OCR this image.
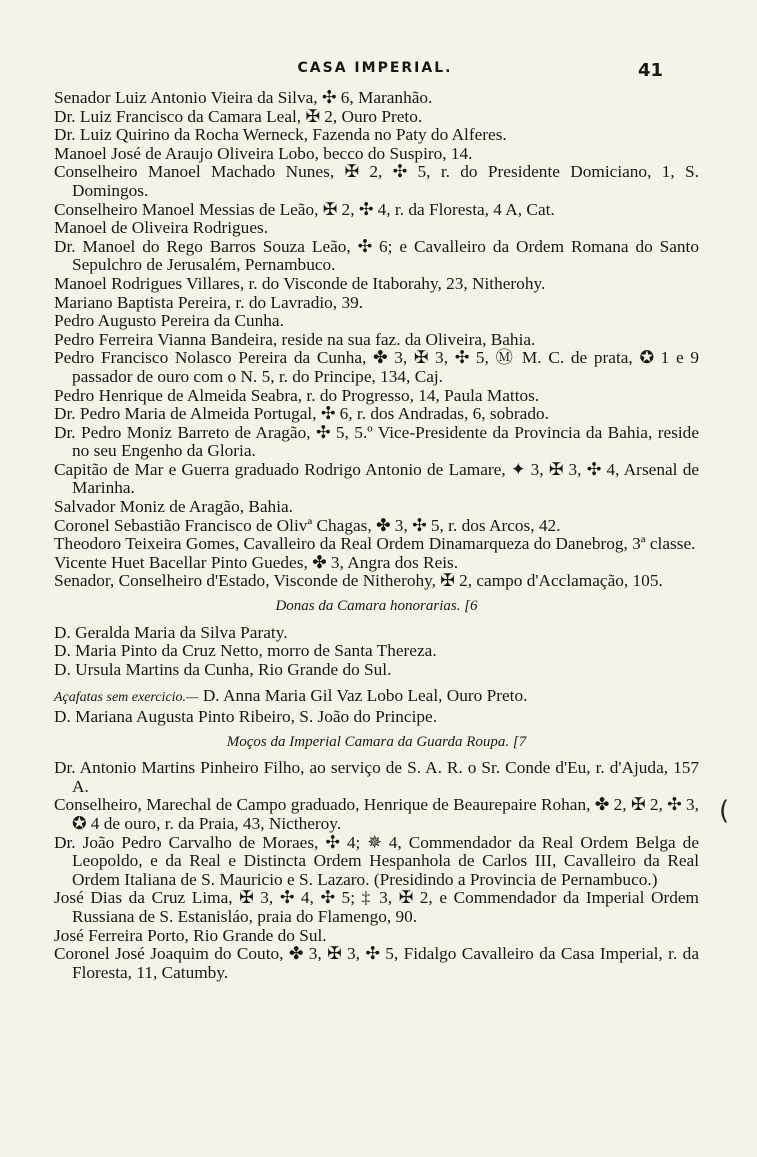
CASA IMPERIAL.	41
(

Senador Luiz Antonio Vieira da Silva, ✣ 6, Maranhão.

Dr. Luiz Francisco da Camara Leal, ✠ 2, Ouro Preto.

Dr. Luiz Quirino da Rocha Werneck, Fazenda no Paty do Alferes.

Manoel José de Araujo Oliveira Lobo, becco do Suspiro, 14.

Conselheiro Manoel Machado Nunes, ✠ 2, ✣ 5, r. do Presidente Domiciano, 1, S. Domingos.

Conselheiro Manoel Messias de Leão, ✠ 2, ✣ 4, r. da Floresta, 4 A, Cat.

Manoel de Oliveira Rodrigues.

Dr. Manoel do Rego Barros Souza Leão, ✣ 6; e Cavalleiro da Ordem Romana do Santo Sepulchro de Jerusalém, Pernambuco.

Manoel Rodrigues Villares, r. do Visconde de Itaborahy, 23, Nitherohy.

Mariano Baptista Pereira, r. do Lavradio, 39.

Pedro Augusto Pereira da Cunha.

Pedro Ferreira Vianna Bandeira, reside na sua faz. da Oliveira, Bahia.

Pedro Francisco Nolasco Pereira da Cunha, ✤ 3, ✠ 3, ✣ 5, Ⓜ M. C. de prata, ✪ 1 e 9 passador de ouro com o N. 5, r. do Principe, 134, Caj.

Pedro Henrique de Almeida Seabra, r. do Progresso, 14, Paula Mattos.

Dr. Pedro Maria de Almeida Portugal, ✣ 6, r. dos Andradas, 6, sobrado.

Dr. Pedro Moniz Barreto de Aragão, ✣ 5, 5.º Vice-Presidente da Provincia da Bahia, reside no seu Engenho da Gloria.

Capitão de Mar e Guerra graduado Rodrigo Antonio de Lamare, ✦ 3, ✠ 3, ✣ 4, Arsenal de Marinha.

Salvador Moniz de Aragão, Bahia.

Coronel Sebastião Francisco de Olivª Chagas, ✤ 3, ✣ 5, r. dos Arcos, 42.

Theodoro Teixeira Gomes, Cavalleiro da Real Ordem Dinamarqueza do Danebrog, 3ª classe.

Vicente Huet Bacellar Pinto Guedes, ✤ 3, Angra dos Reis.

Senador, Conselheiro d'Estado, Visconde de Nitherohy, ✠ 2, campo d'Acclamação, 105.

Donas da Camara honorarias. [6

D. Geralda Maria da Silva Paraty.

D. Maria Pinto da Cruz Netto, morro de Santa Thereza.

D. Ursula Martins da Cunha, Rio Grande do Sul.

Açafatas sem exercicio.— D. Anna Maria Gil Vaz Lobo Leal, Ouro Preto.

D. Mariana Augusta Pinto Ribeiro, S. João do Principe.

Moços da Imperial Camara da Guarda Roupa. [7

Dr. Antonio Martins Pinheiro Filho, ao serviço de S. A. R. o Sr. Conde d'Eu, r. d'Ajuda, 157 A.

Conselheiro, Marechal de Campo graduado, Henrique de Beaurepaire Rohan, ✤ 2, ✠ 2, ✣ 3, ✪ 4 de ouro, r. da Praia, 43, Nictheroy.

Dr. João Pedro Carvalho de Moraes, ✣ 4; ✵ 4, Commendador da Real Ordem Belga de Leopoldo, e da Real e Distincta Ordem Hespanhola de Carlos III, Cavalleiro da Real Ordem Italiana de S. Mauricio e S. Lazaro. (Presidindo a Provincia de Pernambuco.)

José Dias da Cruz Lima, ✠ 3, ✣ 4, ✣ 5; ‡ 3, ✠ 2, e Commendador da Imperial Ordem Russiana de S. Estanisláo, praia do Flamengo, 90.

José Ferreira Porto, Rio Grande do Sul.

Coronel José Joaquim do Couto, ✤ 3, ✠ 3, ✣ 5, Fidalgo Cavalleiro da Casa Imperial, r. da Floresta, 11, Catumby.
